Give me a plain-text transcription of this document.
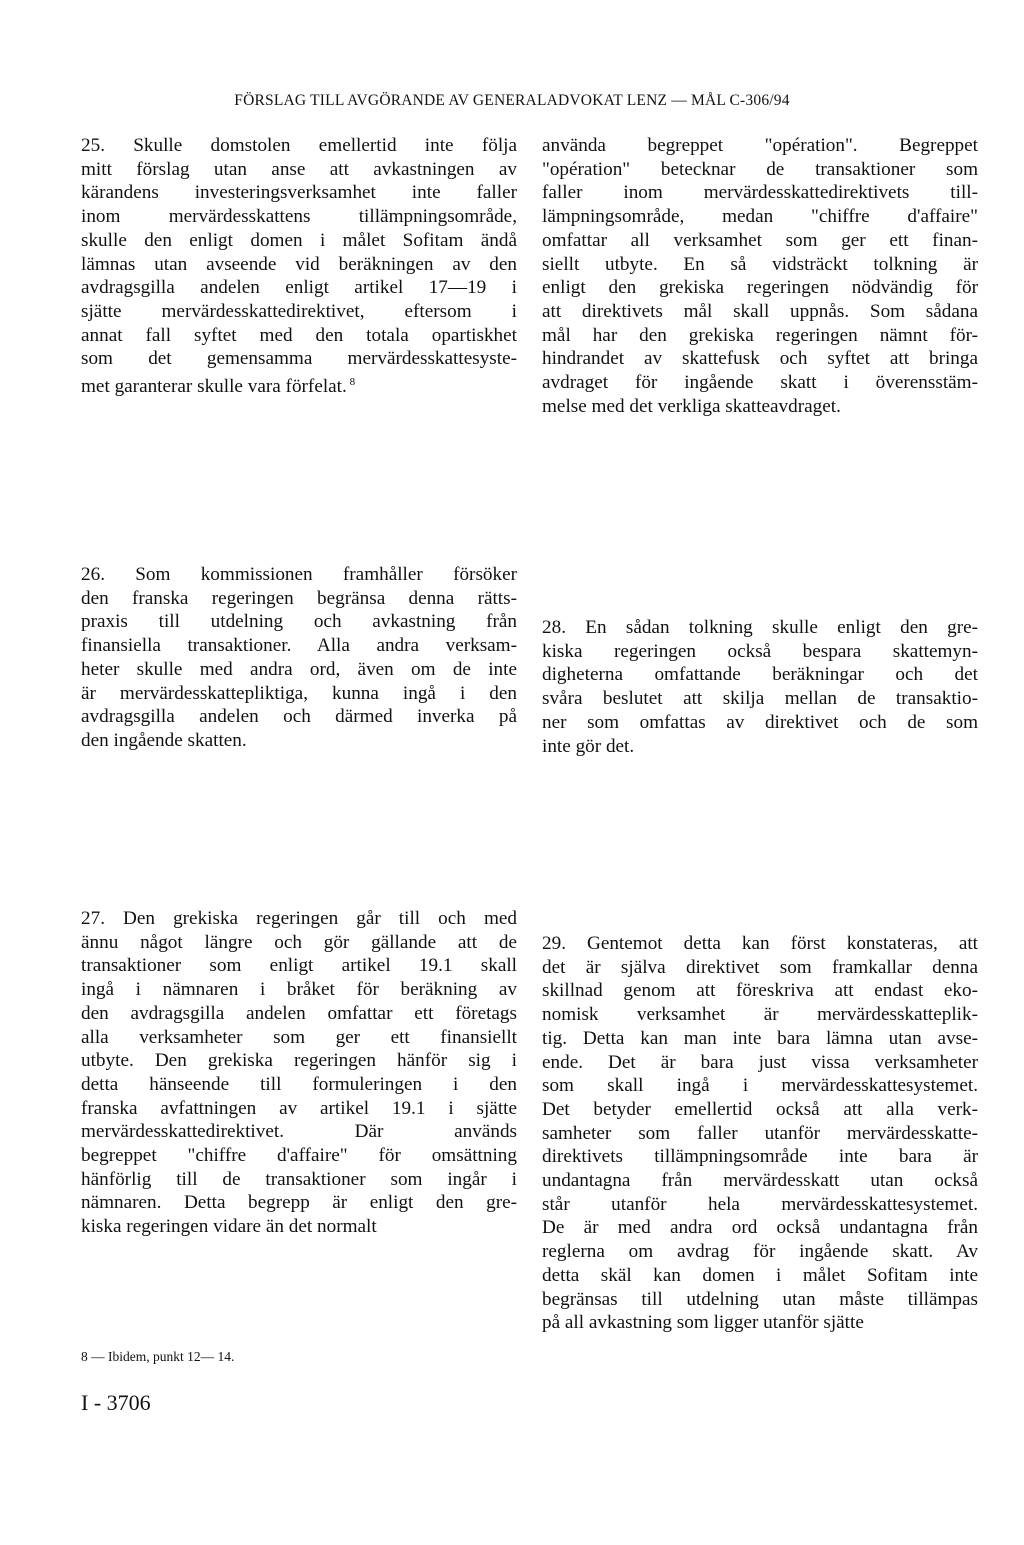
FÖRSLAG TILL AVGÖRANDE AV GENERALADVOKAT LENZ — MÅL C-306/94
25. Skulle domstolen emellertid inte följa
mitt förslag utan anse att avkastningen av
kärandens investeringsverksamhet inte faller
inom mervärdesskattens tillämpningsområde,
skulle den enligt domen i målet Sofitam ändå
lämnas utan avseende vid beräkningen av den
avdragsgilla andelen enligt artikel 17—19 i
sjätte mervärdesskattedirektivet, eftersom i
annat fall syftet med den totala opartiskhet
som det gemensamma mervärdesskattesyste-
met garanterar skulle vara förfelat. $^8$
använda begreppet "opération". Begreppet
"opération" betecknar de transaktioner som
faller inom mervärdesskattedirektivets till-
lämpningsområde, medan "chiffre d'affaire"
omfattar all verksamhet som ger ett finan-
siellt utbyte. En så vidsträckt tolkning är
enligt den grekiska regeringen nödvändig för
att direktivets mål skall uppnås. Som sådana
mål har den grekiska regeringen nämnt för-
hindrandet av skattefusk och syftet att bringa
avdraget för ingående skatt i överensstäm-
melse med det verkliga skatteavdraget.
26. Som kommissionen framhåller försöker
den franska regeringen begränsa denna rätts-
praxis till utdelning och avkastning från
finansiella transaktioner. Alla andra verksam-
heter skulle med andra ord, även om de inte
är mervärdesskattepliktiga, kunna ingå i den
avdragsgilla andelen och därmed inverka på
den ingående skatten.
28. En sådan tolkning skulle enligt den gre-
kiska regeringen också bespara skattemyn-
digheterna omfattande beräkningar och det
svåra beslutet att skilja mellan de transaktio-
ner som omfattas av direktivet och de som
inte gör det.
27. Den grekiska regeringen går till och med
ännu något längre och gör gällande att de
transaktioner som enligt artikel 19.1 skall
ingå i nämnaren i bråket för beräkning av
den avdragsgilla andelen omfattar ett företags
alla verksamheter som ger ett finansiellt
utbyte. Den grekiska regeringen hänför sig i
detta hänseende till formuleringen i den
franska avfattningen av artikel 19.1 i sjätte
mervärdesskattedirektivet. Där används
begreppet "chiffre d'affaire" för omsättning
hänförlig till de transaktioner som ingår i
nämnaren. Detta begrepp är enligt den gre-
kiska regeringen vidare än det normalt
29. Gentemot detta kan först konstateras, att
det är själva direktivet som framkallar denna
skillnad genom att föreskriva att endast eko-
nomisk verksamhet är mervärdesskatteplik-
tig. Detta kan man inte bara lämna utan avse-
ende. Det är bara just vissa verksamheter
som skall ingå i mervärdesskattesystemet.
Det betyder emellertid också att alla verk-
samheter som faller utanför mervärdesskatte-
direktivets tillämpningsområde inte bara är
undantagna från mervärdesskatt utan också
står utanför hela mervärdesskattesystemet.
De är med andra ord också undantagna från
reglerna om avdrag för ingående skatt. Av
detta skäl kan domen i målet Sofitam inte
begränsas till utdelning utan måste tillämpas
på all avkastning som ligger utanför sjätte
8 — Ibidem, punkt 12— 14.
I - 3706
